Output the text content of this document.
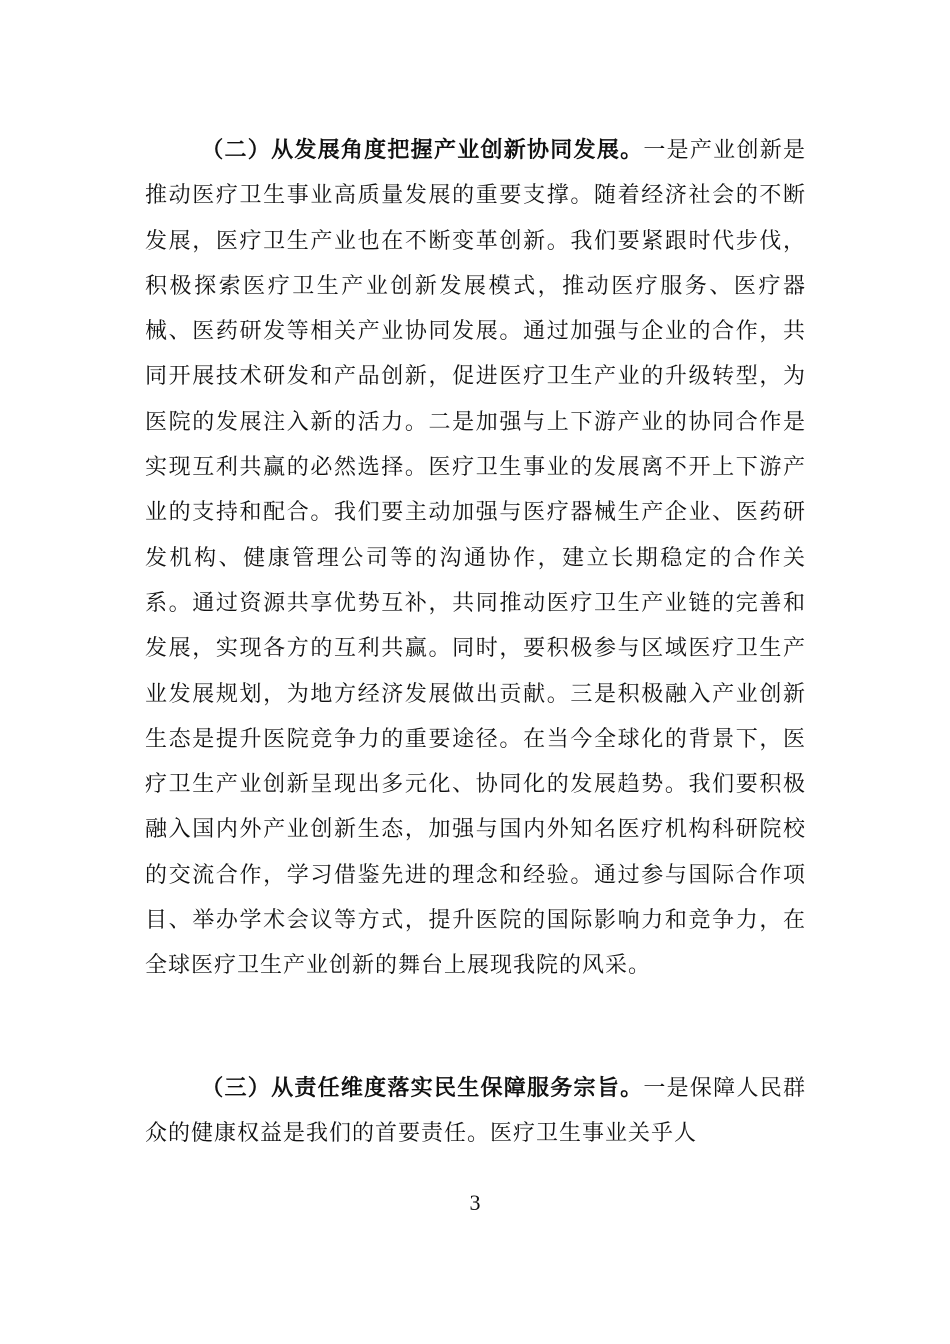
（二）从发展角度把握产业创新协同发展。一是产业创新是推动医疗卫生事业高质量发展的重要支撑。随着经济社会的不断发展，医疗卫生产业也在不断变革创新。我们要紧跟时代步伐，积极探索医疗卫生产业创新发展模式，推动医疗服务、医疗器械、医药研发等相关产业协同发展。通过加强与企业的合作，共同开展技术研发和产品创新，促进医疗卫生产业的升级转型，为医院的发展注入新的活力。二是加强与上下游产业的协同合作是实现互利共赢的必然选择。医疗卫生事业的发展离不开上下游产业的支持和配合。我们要主动加强与医疗器械生产企业、医药研发机构、健康管理公司等的沟通协作，建立长期稳定的合作关系。通过资源共享优势互补，共同推动医疗卫生产业链的完善和发展，实现各方的互利共赢。同时，要积极参与区域医疗卫生产业发展规划，为地方经济发展做出贡献。三是积极融入产业创新生态是提升医院竞争力的重要途径。在当今全球化的背景下，医疗卫生产业创新呈现出多元化、协同化的发展趋势。我们要积极融入国内外产业创新生态，加强与国内外知名医疗机构科研院校的交流合作，学习借鉴先进的理念和经验。通过参与国际合作项目、举办学术会议等方式，提升医院的国际影响力和竞争力，在全球医疗卫生产业创新的舞台上展现我院的风采。

（三）从责任维度落实民生保障服务宗旨。一是保障人民群众的健康权益是我们的首要责任。医疗卫生事业关乎人

3
